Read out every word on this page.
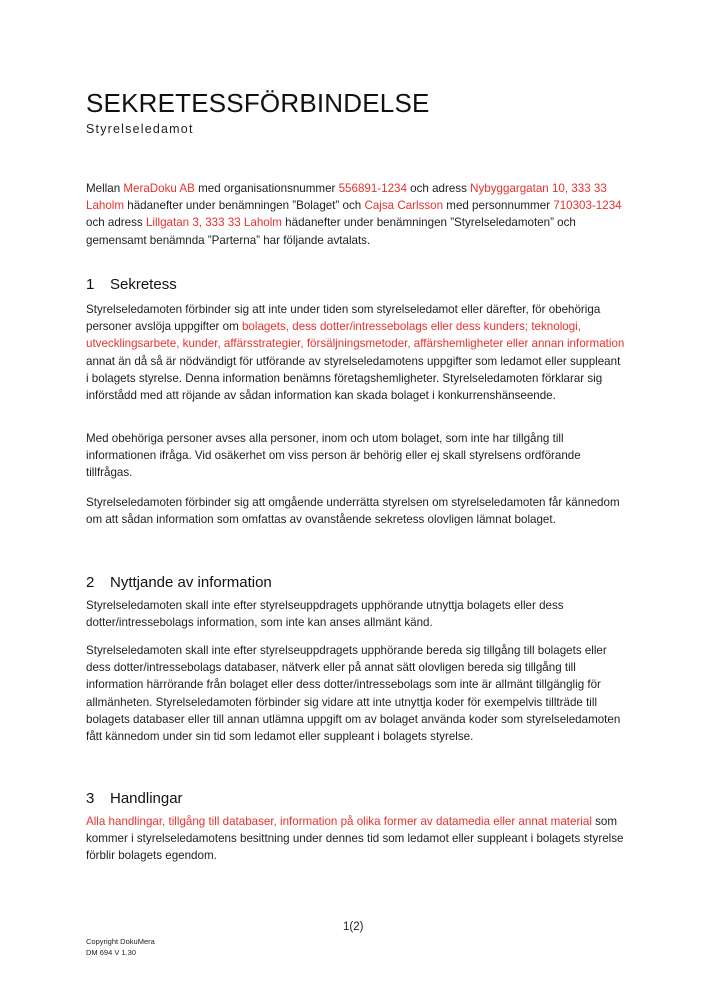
SEKRETESSFÖRBINDELSE

Styrelseledamot

Mellan MeraDoku AB med organisationsnummer 556891-1234 och adress Nybyggargatan 10, 333 33 Laholm hädanefter under benämningen ”Bolaget” och Cajsa Carlsson med personnummer 710303-1234 och adress Lillgatan 3, 333 33 Laholm hädanefter under benämningen ”Styrelseledamoten” och gemensamt benämnda ”Parterna” har följande avtalats.

1 Sekretess

Styrelseledamoten förbinder sig att inte under tiden som styrelseledamot eller därefter, för obehöriga personer avslöja uppgifter om bolagets, dess dotter/intressebolags eller dess kunders; teknologi, utvecklingsarbete, kunder, affärsstrategier, försäljningsmetoder, affärshemligheter eller annan information annat än då så är nödvändigt för utförande av styrelseledamotens uppgifter som ledamot eller suppleant i bolagets styrelse. Denna information benämns företagshemligheter. Styrelseledamoten förklarar sig införstådd med att röjande av sådan information kan skada bolaget i konkurrenshänseende.

Med obehöriga personer avses alla personer, inom och utom bolaget, som inte har tillgång till informationen ifråga. Vid osäkerhet om viss person är behörig eller ej skall styrelsens ordförande tillfrågas.

Styrelseledamoten förbinder sig att omgående underrätta styrelsen om styrelseledamoten får kännedom om att sådan information som omfattas av ovanstående sekretess olovligen lämnat bolaget.

2 Nyttjande av information

Styrelseledamoten skall inte efter styrelseuppdragets upphörande utnyttja bolagets eller dess dotter/intressebolags information, som inte kan anses allmänt känd.

Styrelseledamoten skall inte efter styrelseuppdragets upphörande bereda sig tillgång till bolagets eller dess dotter/intressebolags databaser, nätverk eller på annat sätt olovligen bereda sig tillgång till information härrörande från bolaget eller dess dotter/intressebolags som inte är allmänt tillgänglig för allmänheten. Styrelseledamoten förbinder sig vidare att inte utnyttja koder för exempelvis tillträde till bolagets databaser eller till annan utlämna uppgift om av bolaget använda koder som styrelseledamoten fått kännedom under sin tid som ledamot eller suppleant i bolagets styrelse.

3 Handlingar

Alla handlingar, tillgång till databaser, information på olika former av datamedia eller annat material som kommer i styrelseledamotens besittning under dennes tid som ledamot eller suppleant i bolagets styrelse förblir bolagets egendom.

1(2)
Copyright DokuMera
DM 694 V 1.30
